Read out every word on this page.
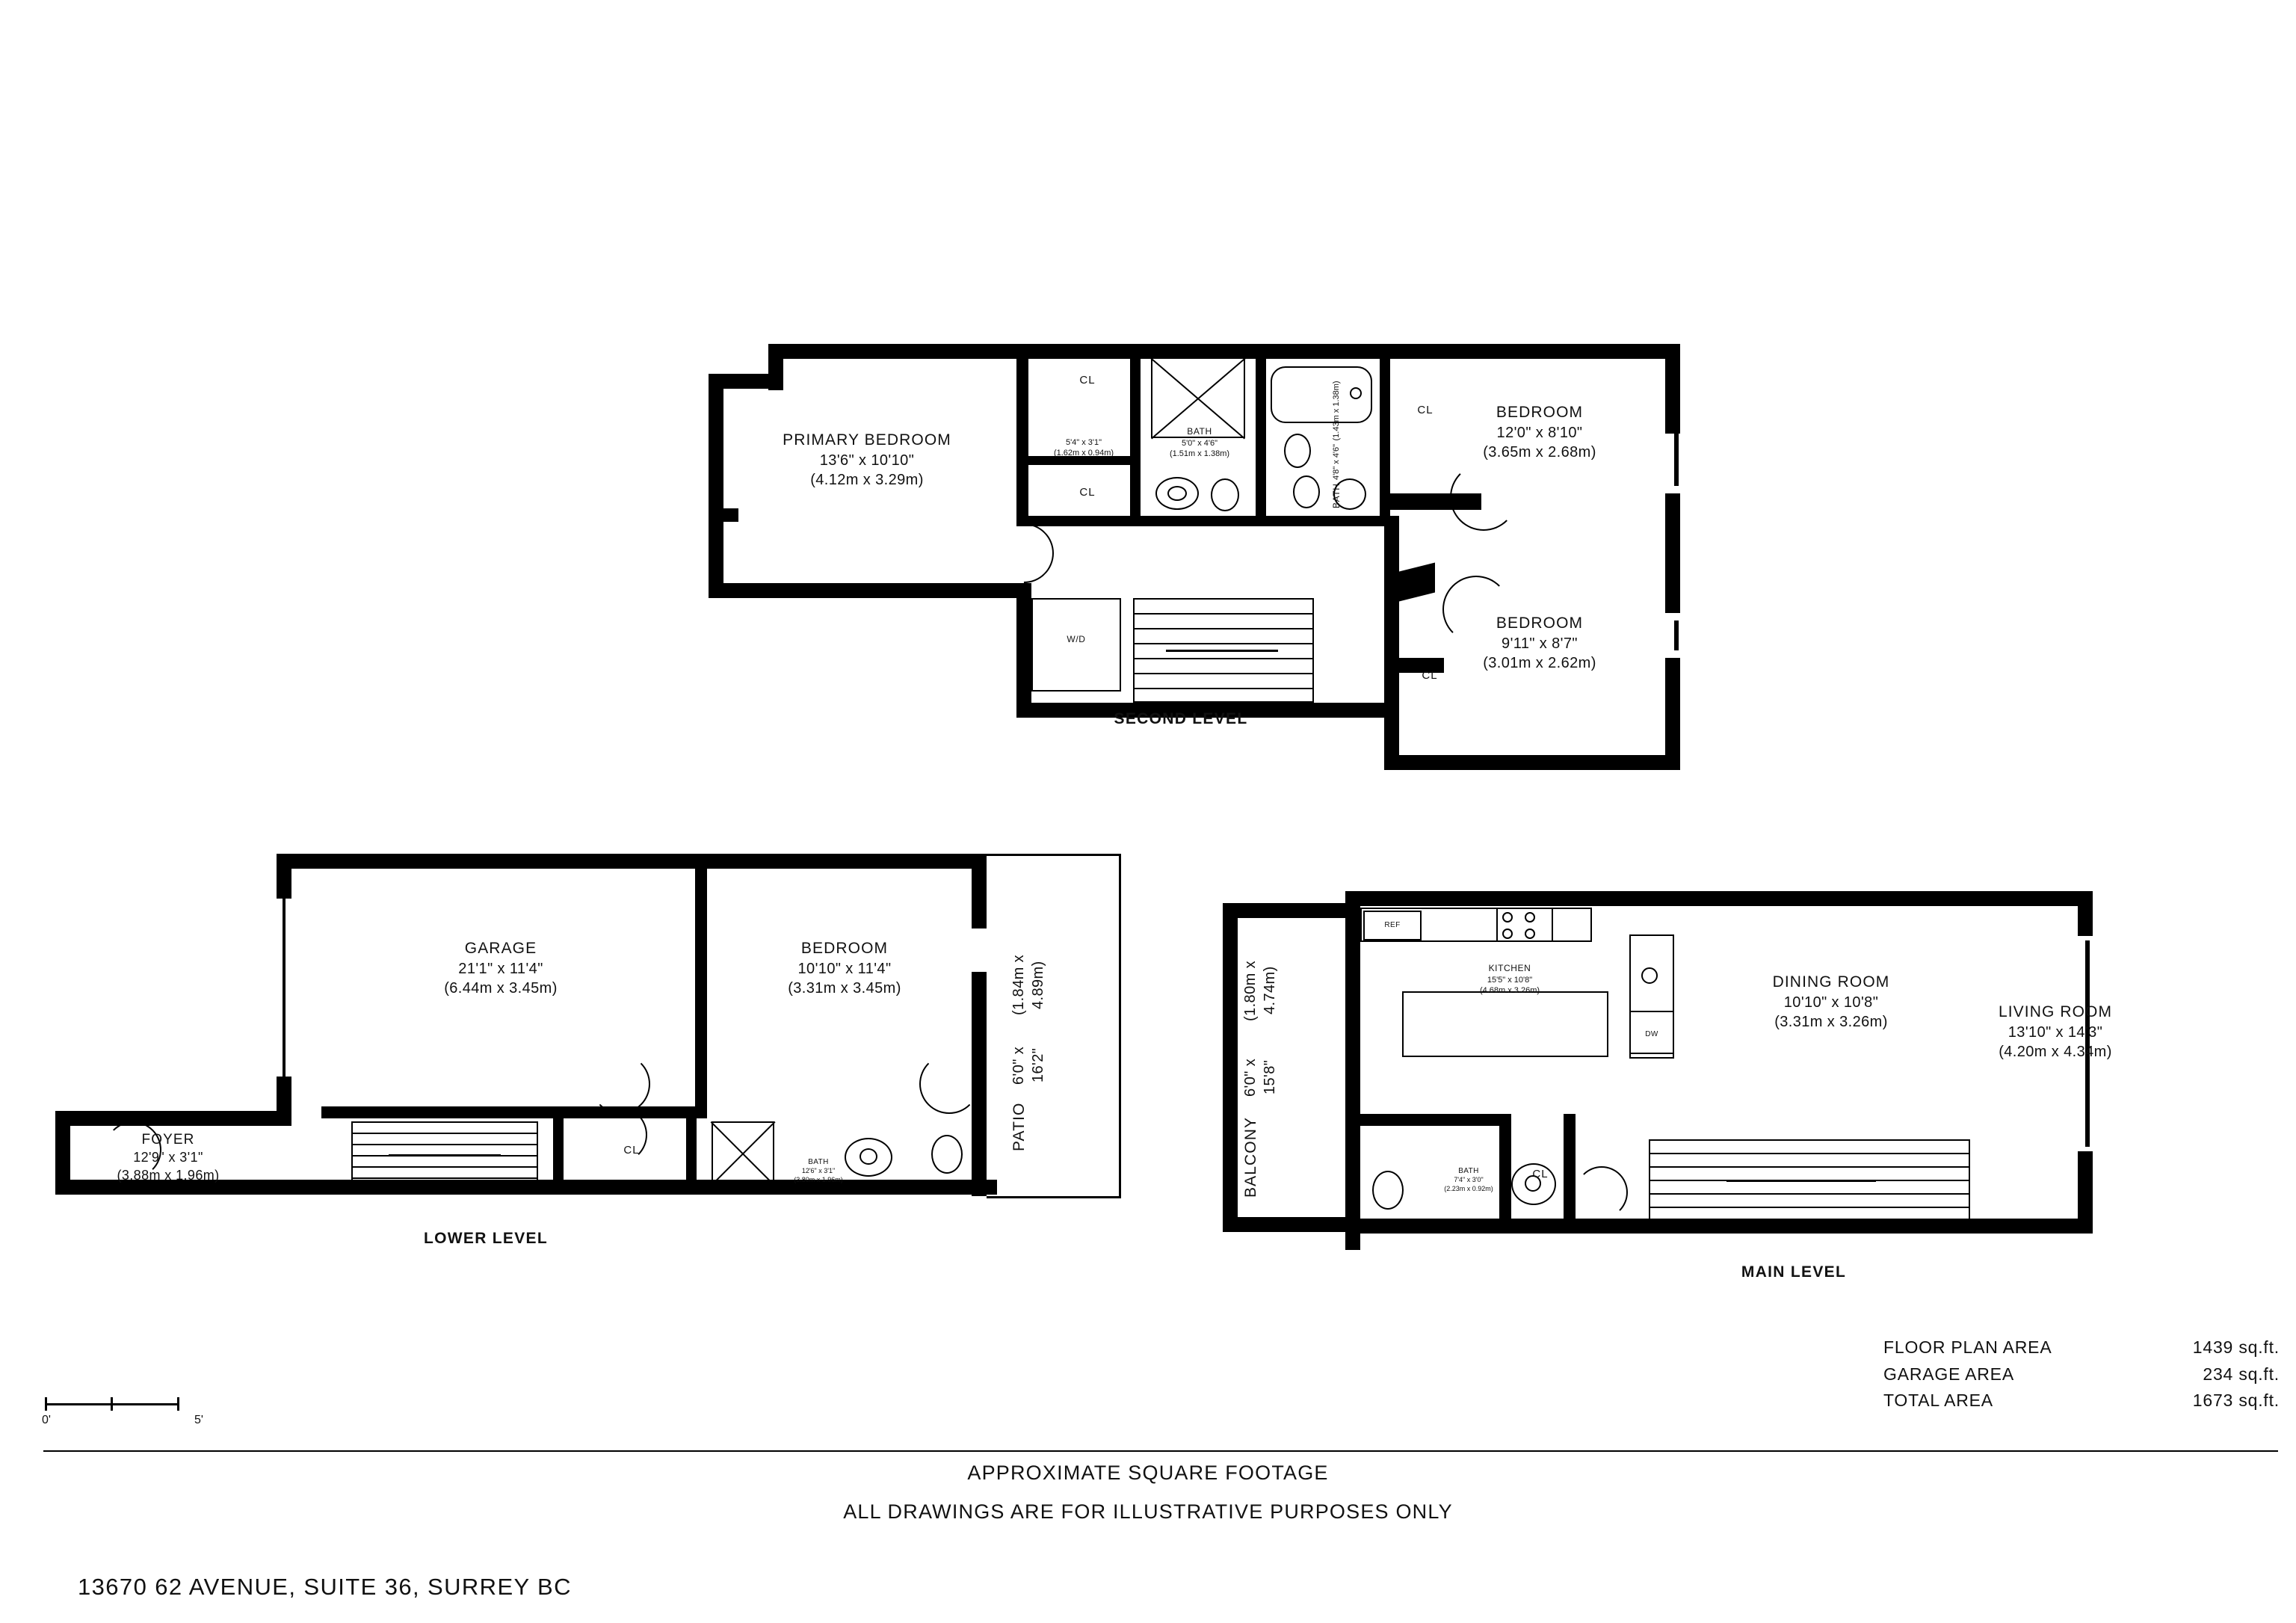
CL
CL
CL
CL
W/D
PRIMARY BEDROOM
13'6" x 10'10"
(4.12m x 3.29m)
BEDROOM
12'0" x 8'10"
(3.65m x 2.68m)
BEDROOM
9'11" x 8'7"
(3.01m x 2.62m)
5'4" x 3'1"
(1.62m x 0.94m)
BATH
5'0" x 4'6"
(1.51m x 1.38m)
BATH 4'8" x 4'6" (1.43m x 1.38m)
SECOND LEVEL
GARAGE
21'1" x 11'4"
(6.44m x 3.45m)
BEDROOM
10'10" x 11'4"
(3.31m x 3.45m)
FOYER
12'9" x 3'1"
(3.88m x 1.96m)
PATIO
6'0" x 16'2"
(1.84m x 4.89m)
CL
BATH
12'6" x 3'1"
(3.80m x 1.96m)
LOWER LEVEL
REF
DW
BALCONY
6'0" x 15'8"
(1.80m x 4.74m)	KITCHEN
15'5" x 10'8"
(4.68m x 3.26m)	DINING ROOM
10'10" x 10'8"
(3.31m x 3.26m)
LIVING ROOM
13'10" x 14'3"
(4.20m x 4.34m)
BATH
7'4" x 3'0"
(2.23m x 0.92m)
CL
MAIN LEVEL
FLOOR PLAN AREA	1439 sq.ft.
GARAGE AREA	234 sq.ft.
TOTAL AREA	1673 sq.ft.
0'	5'
APPROXIMATE SQUARE FOOTAGE
ALL DRAWINGS ARE FOR ILLUSTRATIVE PURPOSES ONLY
13670 62 AVENUE, SUITE 36, SURREY BC
